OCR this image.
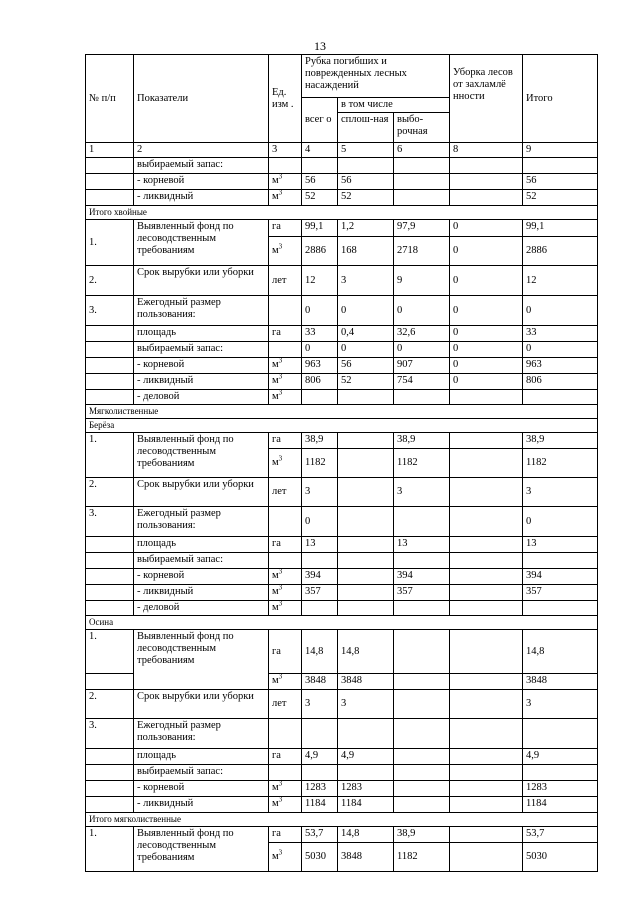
13
№ п/п	Показатели	Ед. изм .	Рубка погибших и поврежденных лесных насаждений			Уборка лесов от захламлё нности	Итого
			всег о	в том числе			
				сплош-ная	выбо-рочная		
1	2	3	4	5	6	8	9
	выбираемый запас:						
	- корневой	$м^3$	56	56			56
	- ликвидный	$м^3$	52	52			52
Итого хвойные							
1.	Выявленный фонд по лесоводственным требованиям	га	99,1	1,2	97,9	0	99,1
		$м^3$	2886	168	2718	0	2886
2.	Срок вырубки или уборки	лет	12	3	9	0	12
3.	Ежегодный размер пользования:		0	0	0	0	0
	площадь	га	33	0,4	32,6	0	33
	выбираемый запас:		0	0	0	0	0
	- корневой	$м^3$	963	56	907	0	963
	- ликвидный	$м^3$	806	52	754	0	806
	- деловой	$м^3$					
Мягколиственные							
Берёза							
1.	Выявленный фонд по лесоводственным требованиям	га	38,9		38,9		38,9
		$м^3$	1182		1182		1182
2.	Срок вырубки или уборки	лет	3		3		3
3.	Ежегодный размер пользования:		0				0
	площадь	га	13		13		13
	выбираемый запас:						
	- корневой	$м^3$	394		394		394
	- ликвидный	$м^3$	357		357		357
	- деловой	$м^3$					
Осина							
1.	Выявленный фонд по лесоводственным требованиям	га	14,8	14,8			14,8
		$м^3$	3848	3848			3848
2.	Срок вырубки или уборки	лет	3	3			3
3.	Ежегодный размер пользования:						
	площадь	га	4,9	4,9			4,9
	выбираемый запас:						
	- корневой	$м^3$	1283	1283			1283
	- ликвидный	$м^3$	1184	1184			1184
Итого мягколиственные							
1.	Выявленный фонд по лесоводственным требованиям	га	53,7	14,8	38,9		53,7
		$м^3$	5030	3848	1182		5030
